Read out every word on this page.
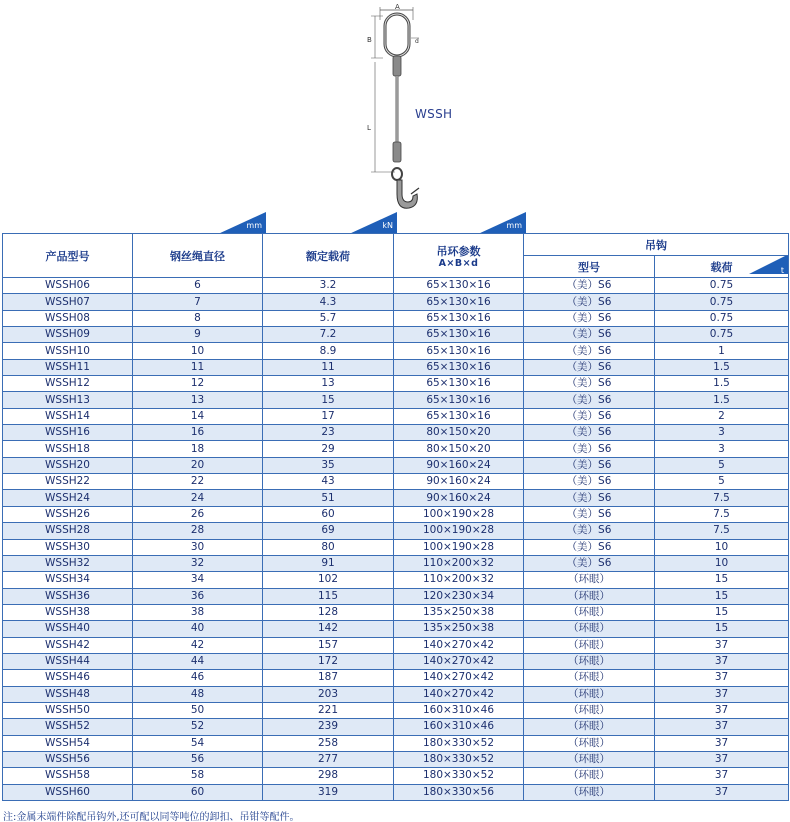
A
B	d
L
WSSH
mm	kN	mm
产品型号	钢丝绳直径	额定载荷	吊环参数
A×B×d	吊钩	
				型号	载荷 t

WSSH06	6	3.2	65×130×16	（美）S6	0.75
WSSH07	7	4.3	65×130×16	（美）S6	0.75
WSSH08	8	5.7	65×130×16	（美）S6	0.75
WSSH09	9	7.2	65×130×16	（美）S6	0.75
WSSH10	10	8.9	65×130×16	（美）S6	1
WSSH11	11	11	65×130×16	（美）S6	1.5
WSSH12	12	13	65×130×16	（美）S6	1.5
WSSH13	13	15	65×130×16	（美）S6	1.5
WSSH14	14	17	65×130×16	（美）S6	2
WSSH16	16	23	80×150×20	（美）S6	3
WSSH18	18	29	80×150×20	（美）S6	3
WSSH20	20	35	90×160×24	（美）S6	5
WSSH22	22	43	90×160×24	（美）S6	5
WSSH24	24	51	90×160×24	（美）S6	7.5
WSSH26	26	60	100×190×28	（美）S6	7.5
WSSH28	28	69	100×190×28	（美）S6	7.5
WSSH30	30	80	100×190×28	（美）S6	10
WSSH32	32	91	110×200×32	（美）S6	10
WSSH34	34	102	110×200×32	（环眼）	15
WSSH36	36	115	120×230×34	（环眼）	15
WSSH38	38	128	135×250×38	（环眼）	15
WSSH40	40	142	135×250×38	（环眼）	15
WSSH42	42	157	140×270×42	（环眼）	37
WSSH44	44	172	140×270×42	（环眼）	37
WSSH46	46	187	140×270×42	（环眼）	37
WSSH48	48	203	140×270×42	（环眼）	37
WSSH50	50	221	160×310×46	（环眼）	37
WSSH52	52	239	160×310×46	（环眼）	37
WSSH54	54	258	180×330×52	（环眼）	37
WSSH56	56	277	180×330×52	（环眼）	37
WSSH58	58	298	180×330×52	（环眼）	37
WSSH60	60	319	180×330×56	（环眼）	37
注:金属末端件除配吊钩外,还可配以同等吨位的卸扣、吊钳等配件。
